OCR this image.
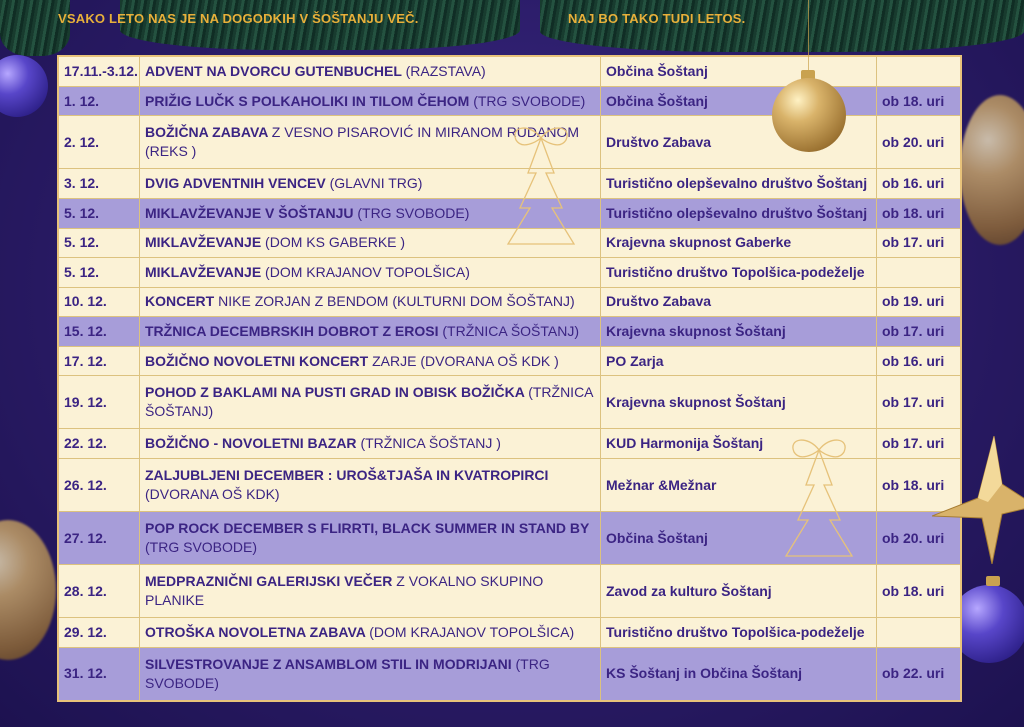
VSAKO LETO NAS JE NA DOGODKIH V ŠOŠTANJU VEČ.	NAJ BO TAKO TUDI LETOS.
17.11.-3.12.	ADVENT NA DVORCU GUTENBUCHEL (RAZSTAVA)	Občina Šoštanj	
1. 12.	PRIŽIG LUČK S POLKAHOLIKI IN TILOM ČEHOM (TRG SVOBODE)	Občina Šoštanj	ob 18. uri
2. 12.	BOŽIČNA ZABAVA Z VESNO PISAROVIĆ IN MIRANOM RUDANOM (REKS )	Društvo Zabava	ob 20. uri
3. 12.	DVIG ADVENTNIH VENCEV (GLAVNI TRG)	Turistično olepševalno društvo Šoštanj	ob 16. uri
5. 12.	MIKLAVŽEVANJE V ŠOŠTANJU (TRG SVOBODE)	Turistično olepševalno društvo Šoštanj	ob 18. uri
5. 12.	MIKLAVŽEVANJE (DOM KS GABERKE )	Krajevna skupnost Gaberke	ob 17. uri
5. 12.	MIKLAVŽEVANJE (DOM KRAJANOV TOPOLŠICA)	Turistično društvo Topolšica-podeželje	
10. 12.	KONCERT NIKE ZORJAN Z BENDOM (KULTURNI DOM ŠOŠTANJ)	Društvo Zabava	ob 19. uri
15. 12.	TRŽNICA DECEMBRSKIH DOBROT Z EROSI (TRŽNICA ŠOŠTANJ)	Krajevna skupnost Šoštanj	ob 17. uri
17. 12.	BOŽIČNO NOVOLETNI KONCERT ZARJE (DVORANA OŠ KDK )	PO Zarja	ob 16. uri
19. 12.	POHOD Z BAKLAMI NA PUSTI GRAD IN OBISK BOŽIČKA (TRŽNICA ŠOŠTANJ)	Krajevna skupnost Šoštanj	ob 17. uri
22. 12.	BOŽIČNO - NOVOLETNI BAZAR (TRŽNICA ŠOŠTANJ )	KUD Harmonija Šoštanj	ob 17. uri
26. 12.	ZALJUBLJENI DECEMBER : UROŠ&TJAŠA IN KVATROPIRCI (DVORANA OŠ KDK)	Mežnar &Mežnar	ob 18. uri
27. 12.	POP ROCK DECEMBER S FLIRRTI, BLACK SUMMER IN STAND BY (TRG SVOBODE)	Občina Šoštanj	ob 20. uri
28. 12.	MEDPRAZNIČNI GALERIJSKI VEČER Z VOKALNO SKUPINO PLANIKE	Zavod za kulturo Šoštanj	ob 18. uri
29. 12.	OTROŠKA NOVOLETNA ZABAVA (DOM KRAJANOV TOPOLŠICA)	Turistično društvo Topolšica-podeželje	
31. 12.	SILVESTROVANJE Z ANSAMBLOM STIL IN MODRIJANI (TRG SVOBODE)	KS Šoštanj in Občina Šoštanj	ob 22. uri
